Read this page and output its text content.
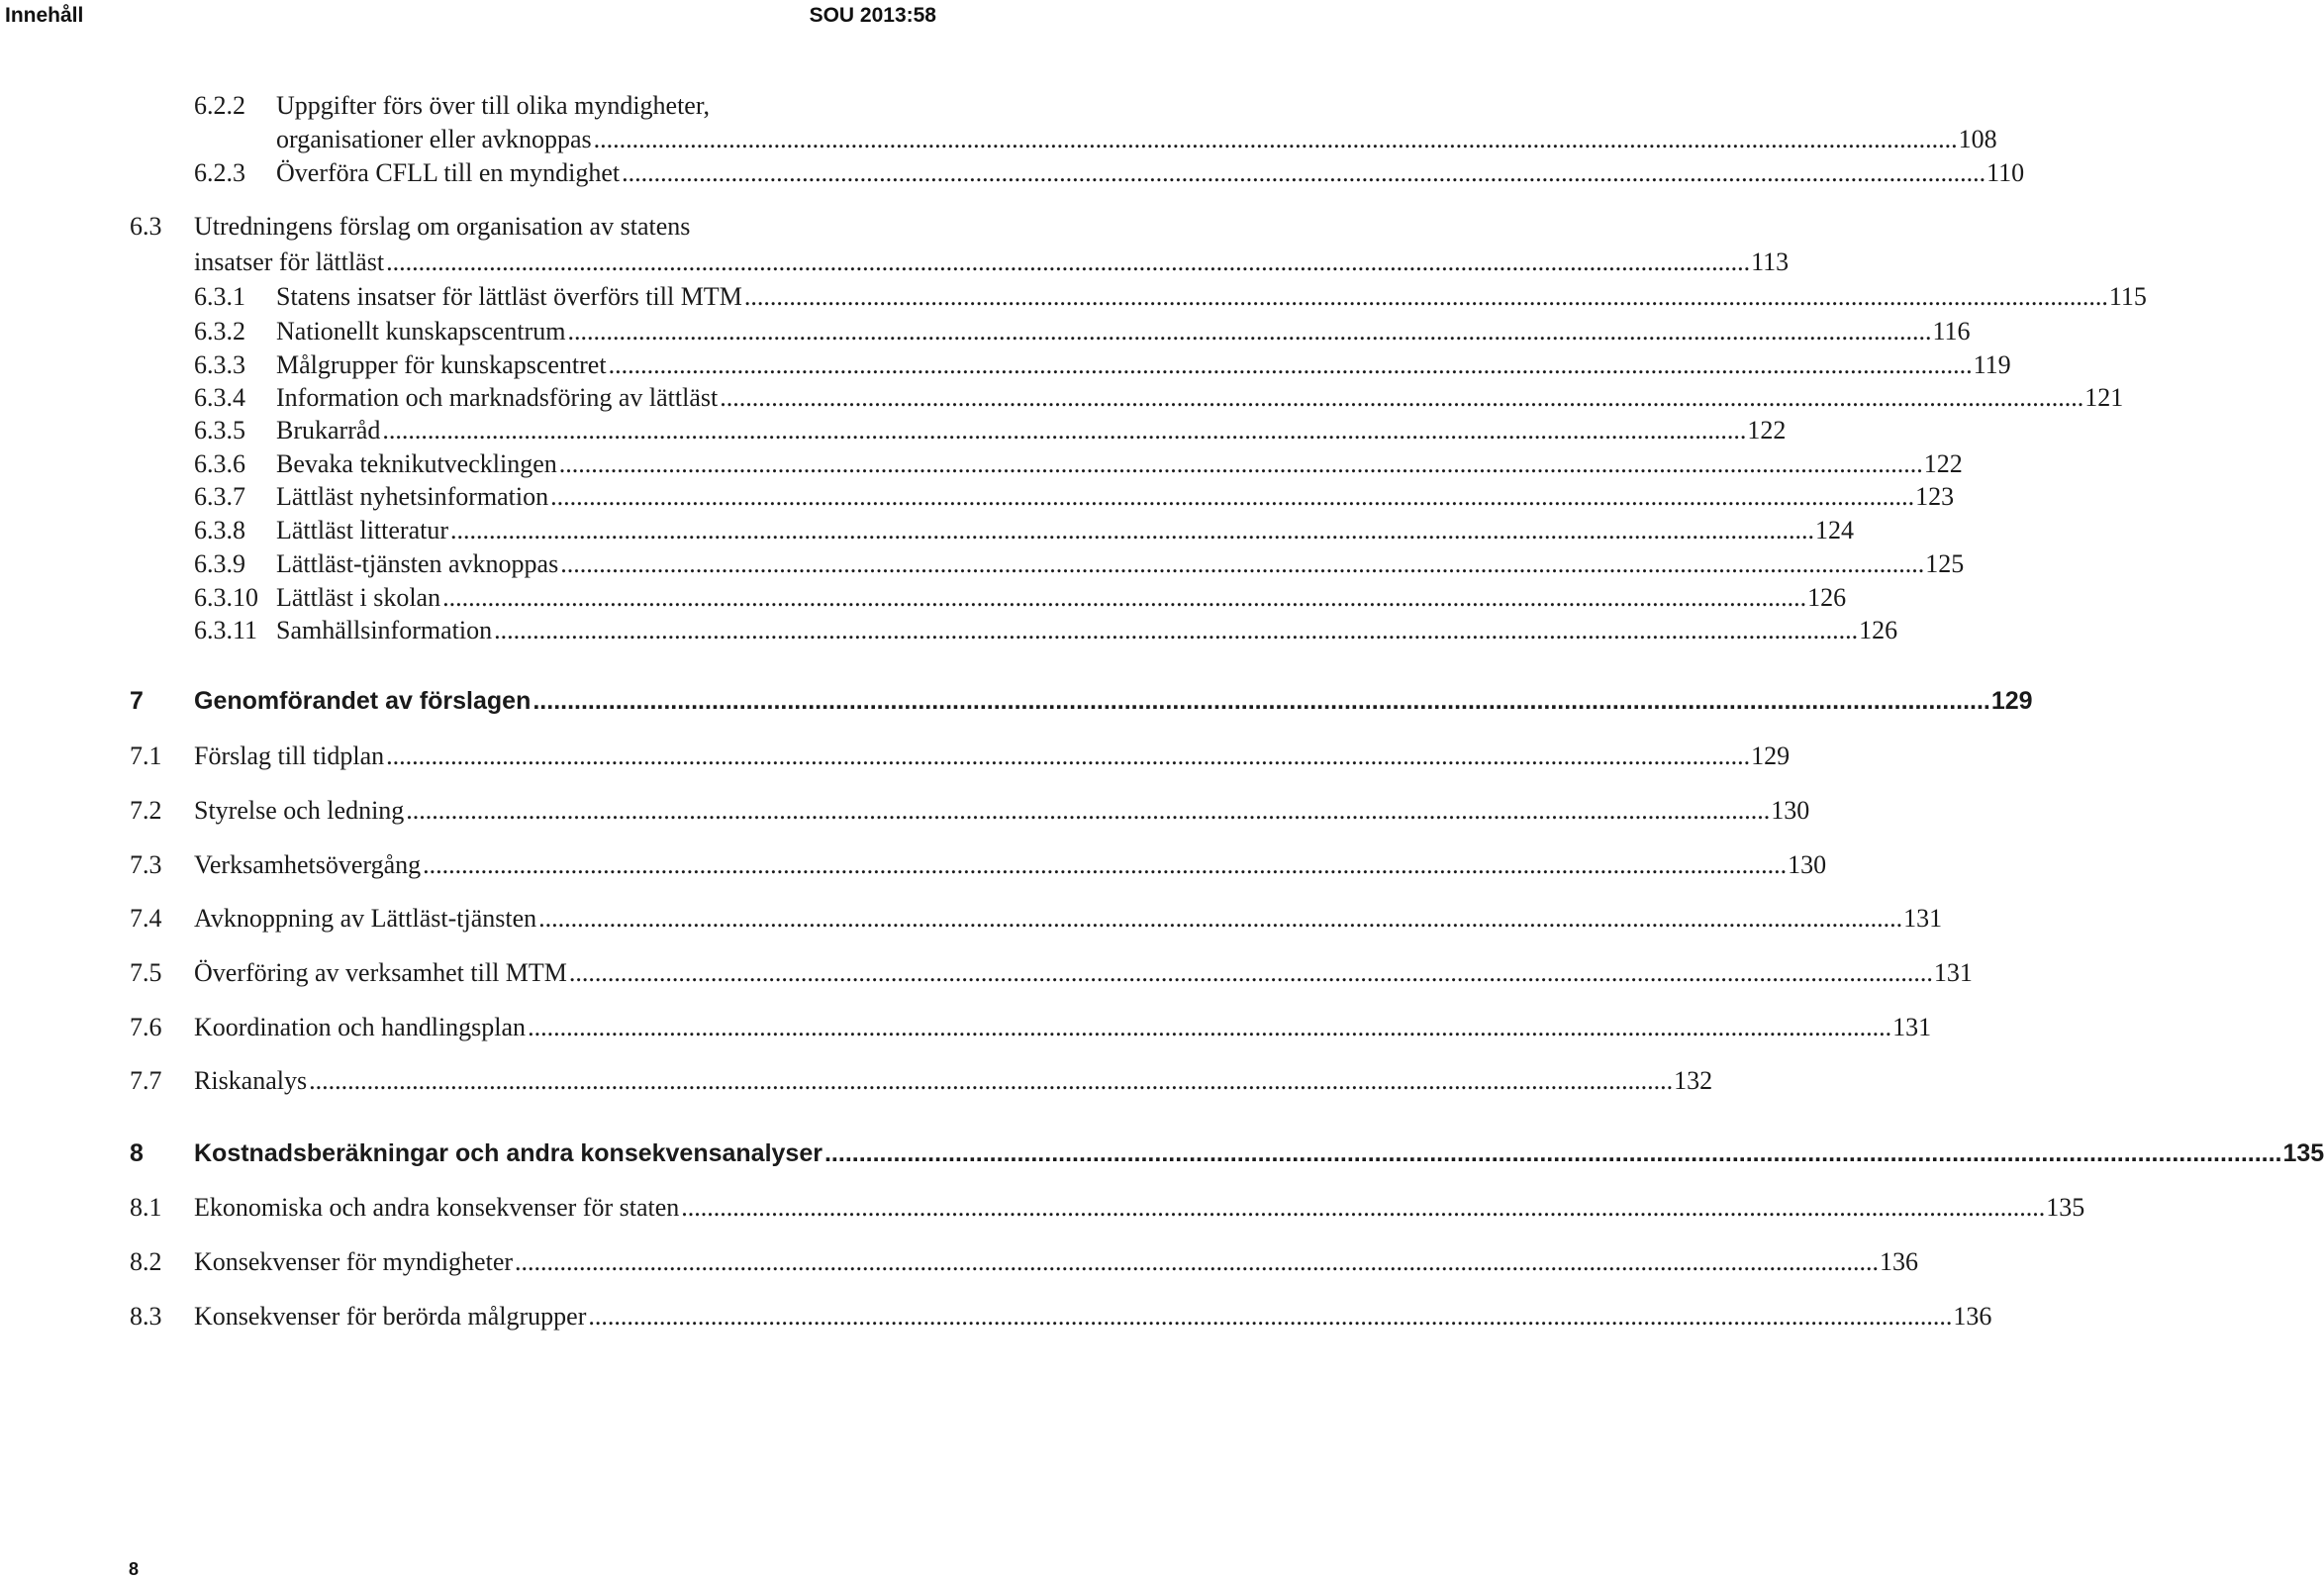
Innehåll	SOU 2013:58
6.2.2 Uppgifter förs över till olika myndigheter,
organisationer eller avknoppas .................................................................................................................................................................................................................... 108
6.2.3 Överföra CFLL till en myndighet .................................................................................................................................................................................................................... 110
6.3 Utredningens förslag om organisation av statens
insatser för lättläst .................................................................................................................................................................................................................... 113
6.3.1 Statens insatser för lättläst överförs till MTM .................................................................................................................................................................................................................... 115
6.3.2 Nationellt kunskapscentrum .................................................................................................................................................................................................................... 116
6.3.3 Målgrupper för kunskapscentret .................................................................................................................................................................................................................... 119
6.3.4 Information och marknadsföring av lättläst .................................................................................................................................................................................................................... 121
6.3.5 Brukarråd .................................................................................................................................................................................................................... 122
6.3.6 Bevaka teknikutvecklingen .................................................................................................................................................................................................................... 122
6.3.7 Lättläst nyhetsinformation .................................................................................................................................................................................................................... 123
6.3.8 Lättläst litteratur .................................................................................................................................................................................................................... 124
6.3.9 Lättläst-tjänsten avknoppas .................................................................................................................................................................................................................... 125
6.3.10 Lättläst i skolan .................................................................................................................................................................................................................... 126
6.3.11 Samhällsinformation .................................................................................................................................................................................................................... 126
7 Genomförandet av förslagen .................................................................................................................................................................................................................... 129
7.1 Förslag till tidplan .................................................................................................................................................................................................................... 129
7.2 Styrelse och ledning .................................................................................................................................................................................................................... 130
7.3 Verksamhetsövergång .................................................................................................................................................................................................................... 130
7.4 Avknoppning av Lättläst-tjänsten .................................................................................................................................................................................................................... 131
7.5 Överföring av verksamhet till MTM .................................................................................................................................................................................................................... 131
7.6 Koordination och handlingsplan .................................................................................................................................................................................................................... 131
7.7 Riskanalys .................................................................................................................................................................................................................... 132
8 Kostnadsberäkningar och andra konsekvensanalyser .................................................................................................................................................................................................................... 135
8.1 Ekonomiska och andra konsekvenser för staten .................................................................................................................................................................................................................... 135
8.2 Konsekvenser för myndigheter .................................................................................................................................................................................................................... 136
8.3 Konsekvenser för berörda målgrupper .................................................................................................................................................................................................................... 136
8
